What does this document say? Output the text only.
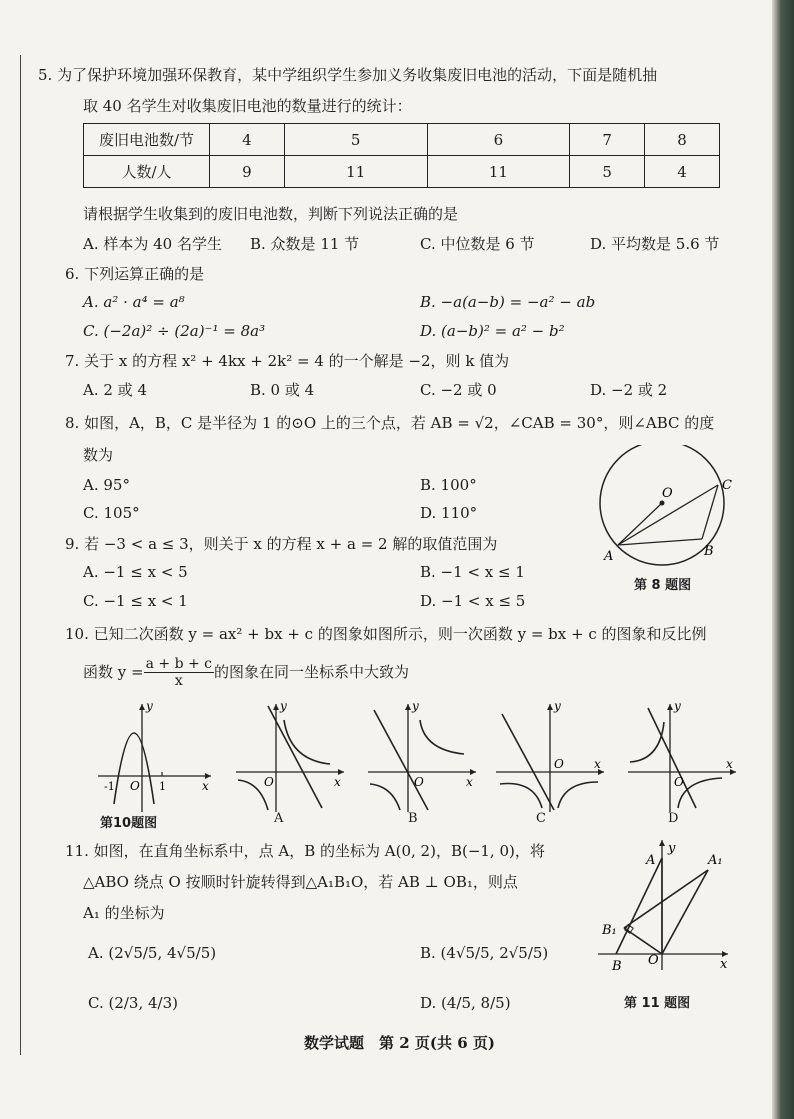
5. 为了保护环境加强环保教育，某中学组织学生参加义务收集废旧电池的活动，下面是随机抽
取 40 名学生对收集废旧电池的数量进行的统计：
废旧电池数/节	4	5	6	7	8
人数/人	9	11	11	5	4
请根据学生收集到的废旧电池数，判断下列说法正确的是
A. 样本为 40 名学生 B. 众数是 11 节	C. 中位数是 6 节	D. 平均数是 5.6 节
6. 下列运算正确的是
A. a² · a⁴ = a⁸	B. −a(a−b) = −a² − ab
C. (−2a)² ÷ (2a)⁻¹ = 8a³	D. (a−b)² = a² − b²
7. 关于 x 的方程 x² + 4kx + 2k² = 4 的一个解是 −2，则 k 值为
A. 2 或 4	B. 0 或 4	C. −2 或 0	D. −2 或 2
8. 如图，A，B，C 是半径为 1 的⊙O 上的三个点，若 AB = √2，∠CAB = 30°，则∠ABC 的度
数为
A. 95°	B. 100°
C. 105°	D. 110°
O
A	B
C
9. 若 −3 < a ≤ 3，则关于 x 的方程 x + a = 2 解的取值范围为
A. −1 ≤ x < 5	B. −1 < x ≤ 1
第 8 题图
C. −1 ≤ x < 1	D. −1 < x ≤ 5
10. 已知二次函数 y = ax² + bx + c 的图象如图所示，则一次函数 y = bx + c 的图象和反比例
函数 $y = \frac{a + b + c}{x}$ 的图象在同一坐标系中大致为
y
x
-1 O 1
第10题图
y
x
O
A
y
x
O
B
y
x
O
C
y
x
O
D
11. 如图，在直角坐标系中，点 A，B 的坐标为 A(0, 2)，B(−1, 0)，将
△ABO 绕点 O 按顺时针旋转得到△A₁B₁O，若 AB ⊥ OB₁，则点
A₁ 的坐标为
A. (2√5/5, 4√5/5)	B. (4√5/5, 2√5/5)
C. (2/3, 4/3)	D. (4/5, 8/5)
A
y
A₁
B₁
B O	x
第 11 题图
数学试题　第 2 页(共 6 页)
